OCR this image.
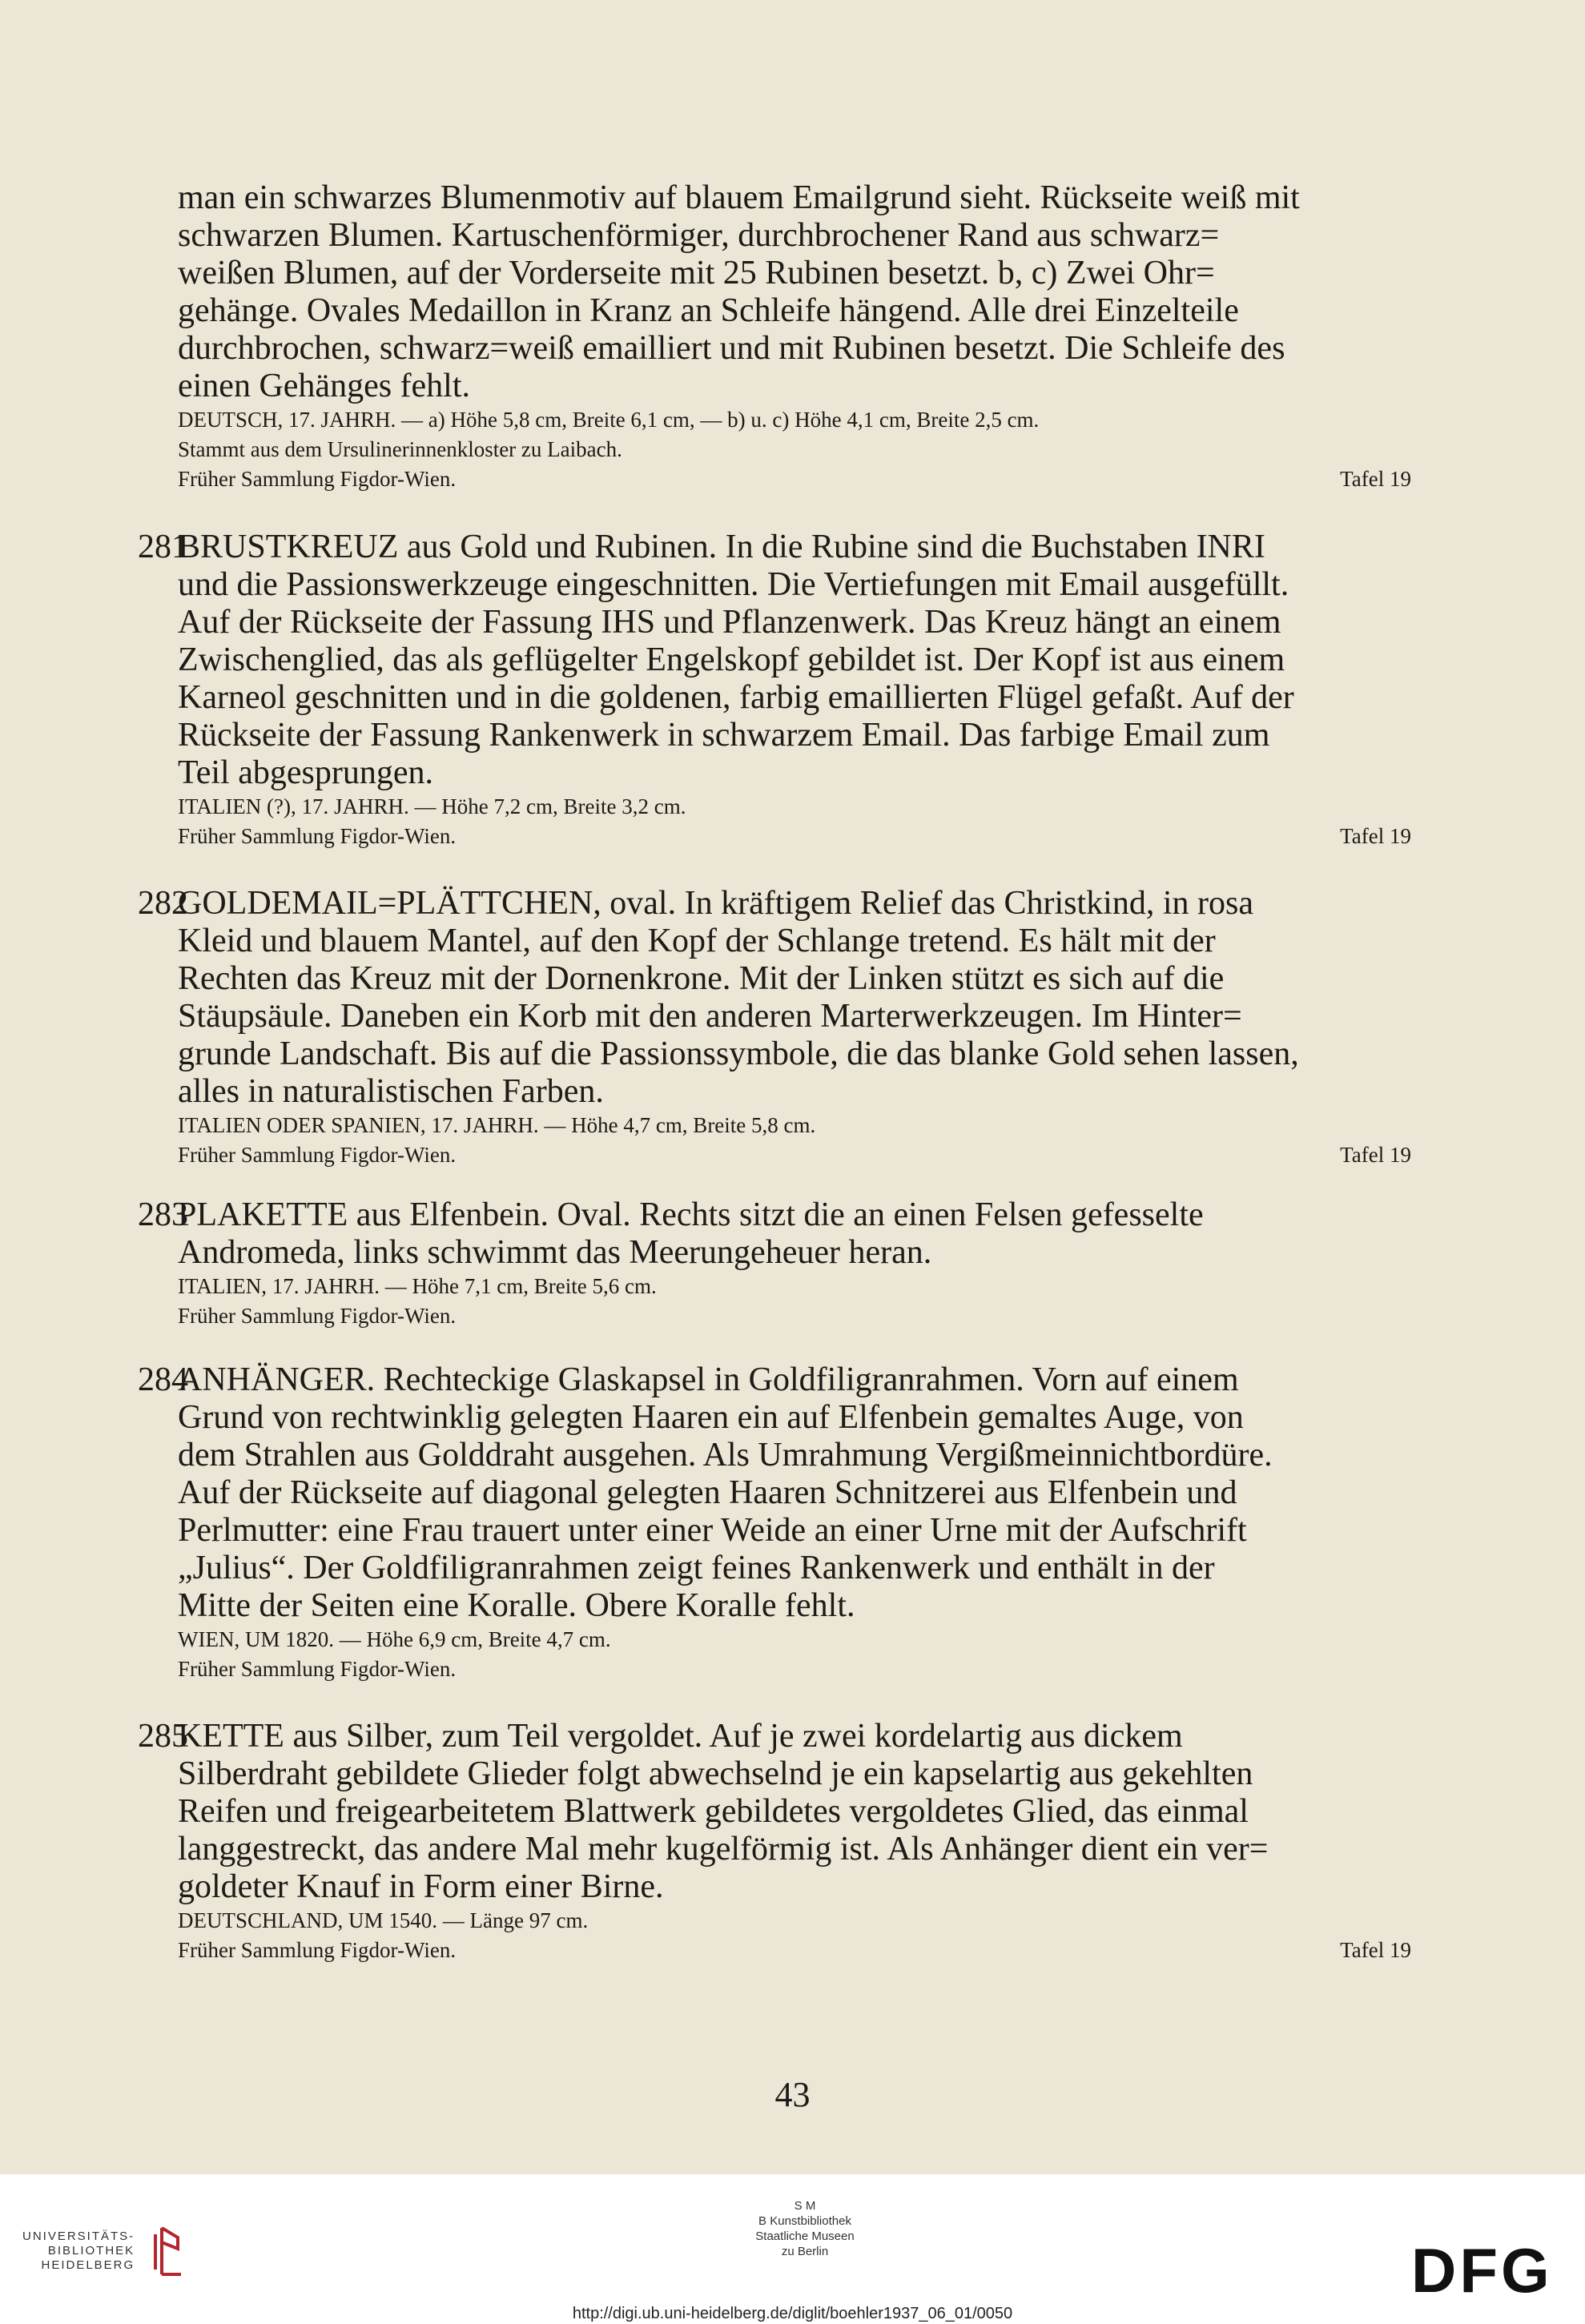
man ein schwarzes Blumenmotiv auf blauem Emailgrund sieht. Rückseite weiß mit
schwarzen Blumen. Kartuschenförmiger, durchbrochener Rand aus schwarz=
weißen Blumen, auf der Vorderseite mit 25 Rubinen besetzt. b, c) Zwei Ohr=
gehänge. Ovales Medaillon in Kranz an Schleife hängend. Alle drei Einzelteile
durchbrochen, schwarz=weiß emailliert und mit Rubinen besetzt. Die Schleife des
einen Gehänges fehlt.

DEUTSCH, 17. JAHRH. — a) Höhe 5,8 cm, Breite 6,1 cm, — b) u. c) Höhe 4,1 cm, Breite 2,5 cm.

Stammt aus dem Ursulinerinnenkloster zu Laibach.

Früher Sammlung Figdor-Wien.	Tafel 19
281

BRUSTKREUZ aus Gold und Rubinen. In die Rubine sind die Buchstaben INRI
und die Passionswerkzeuge eingeschnitten. Die Vertiefungen mit Email ausgefüllt.
Auf der Rückseite der Fassung IHS und Pflanzenwerk. Das Kreuz hängt an einem
Zwischenglied, das als geflügelter Engelskopf gebildet ist. Der Kopf ist aus einem
Karneol geschnitten und in die goldenen, farbig emaillierten Flügel gefaßt. Auf der
Rückseite der Fassung Rankenwerk in schwarzem Email. Das farbige Email zum
Teil abgesprungen.

ITALIEN (?), 17. JAHRH. — Höhe 7,2 cm, Breite 3,2 cm.

Früher Sammlung Figdor-Wien.	Tafel 19
282

GOLDEMAIL=PLÄTTCHEN, oval. In kräftigem Relief das Christkind, in rosa
Kleid und blauem Mantel, auf den Kopf der Schlange tretend. Es hält mit der
Rechten das Kreuz mit der Dornenkrone. Mit der Linken stützt es sich auf die
Stäupsäule. Daneben ein Korb mit den anderen Marterwerkzeugen. Im Hinter=
grunde Landschaft. Bis auf die Passionssymbole, die das blanke Gold sehen lassen,
alles in naturalistischen Farben.

ITALIEN ODER SPANIEN, 17. JAHRH. — Höhe 4,7 cm, Breite 5,8 cm.

Früher Sammlung Figdor-Wien.	Tafel 19
283

PLAKETTE aus Elfenbein. Oval. Rechts sitzt die an einen Felsen gefesselte
Andromeda, links schwimmt das Meerungeheuer heran.

ITALIEN, 17. JAHRH. — Höhe 7,1 cm, Breite 5,6 cm.

Früher Sammlung Figdor-Wien.

284

ANHÄNGER. Rechteckige Glaskapsel in Goldfiligranrahmen. Vorn auf einem
Grund von rechtwinklig gelegten Haaren ein auf Elfenbein gemaltes Auge, von
dem Strahlen aus Golddraht ausgehen. Als Umrahmung Vergißmeinnichtbordüre.
Auf der Rückseite auf diagonal gelegten Haaren Schnitzerei aus Elfenbein und
Perlmutter: eine Frau trauert unter einer Weide an einer Urne mit der Aufschrift
„Julius“. Der Goldfiligranrahmen zeigt feines Rankenwerk und enthält in der
Mitte der Seiten eine Koralle. Obere Koralle fehlt.

WIEN, UM 1820. — Höhe 6,9 cm, Breite 4,7 cm.

Früher Sammlung Figdor-Wien.

285

KETTE aus Silber, zum Teil vergoldet. Auf je zwei kordelartig aus dickem
Silberdraht gebildete Glieder folgt abwechselnd je ein kapselartig aus gekehlten
Reifen und freigearbeitetem Blattwerk gebildetes vergoldetes Glied, das einmal
langgestreckt, das andere Mal mehr kugelförmig ist. Als Anhänger dient ein ver=
goldeter Knauf in Form einer Birne.

DEUTSCHLAND, UM 1540. — Länge 97 cm.

Früher Sammlung Figdor-Wien.	Tafel 19
43
UNIVERSITÄTS-
BIBLIOTHEK
HEIDELBERG
S M
B Kunstbibliothek
Staatliche Museen
zu Berlin	DFG
http://digi.ub.uni-heidelberg.de/diglit/boehler1937_06_01/0050
